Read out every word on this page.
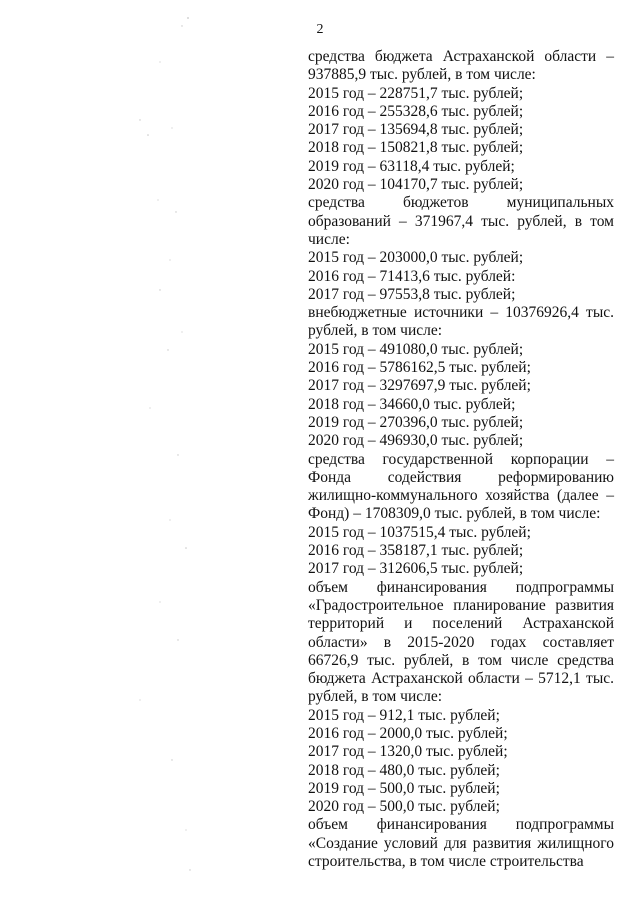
2
средства бюджета Астраханской области – 937885,9 тыс. рублей, в том числе:
2015 год – 228751,7 тыс. рублей;
2016 год – 255328,6 тыс. рублей;
2017 год – 135694,8 тыс. рублей;
2018 год – 150821,8 тыс. рублей;
2019 год – 63118,4 тыс. рублей;
2020 год – 104170,7 тыс. рублей;
средства бюджетов муниципальных образований – 371967,4 тыс. рублей, в том числе:
2015 год – 203000,0 тыс. рублей;
2016 год – 71413,6 тыс. рублей:
2017 год – 97553,8 тыс. рублей;
внебюджетные источники – 10376926,4 тыс. рублей, в том числе:
2015 год – 491080,0 тыс. рублей;
2016 год – 5786162,5 тыс. рублей;
2017 год – 3297697,9 тыс. рублей;
2018 год – 34660,0 тыс. рублей;
2019 год – 270396,0 тыс. рублей;
2020 год – 496930,0 тыс. рублей;
средства государственной корпорации – Фонда содействия реформированию жилищно-коммунального хозяйства (далее – Фонд) – 1708309,0 тыс. рублей, в том числе:
2015 год – 1037515,4 тыс. рублей;
2016 год – 358187,1 тыс. рублей;
2017 год – 312606,5 тыс. рублей;
объем финансирования подпрограммы «Градостроительное планирование развития территорий и поселений Астраханской области» в 2015-2020 годах составляет 66726,9 тыс. рублей, в том числе средства бюджета Астраханской области – 5712,1 тыс. рублей, в том числе:
2015 год – 912,1 тыс. рублей;
2016 год – 2000,0 тыс. рублей;
2017 год – 1320,0 тыс. рублей;
2018 год – 480,0 тыс. рублей;
2019 год – 500,0 тыс. рублей;
2020 год – 500,0 тыс. рублей;
объем финансирования подпрограммы «Создание условий для развития жилищного строительства, в том числе строительства
